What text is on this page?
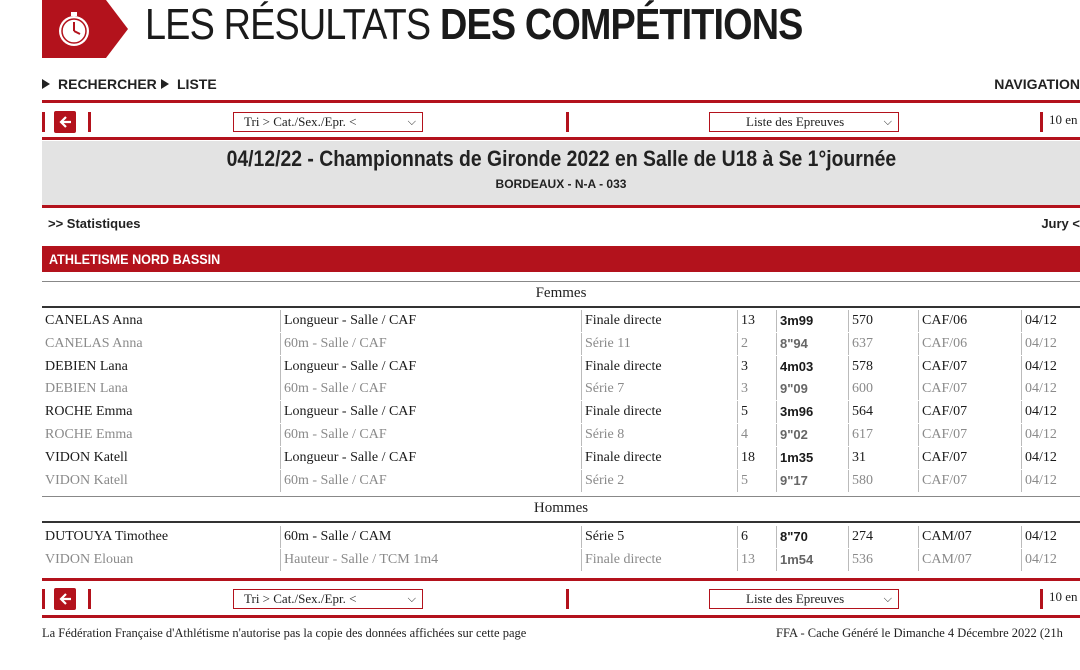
LES RÉSULTATS DES COMPÉTITIONS
RECHERCHER LISTE	NAVIGATION
Tri > Cat./Sex./Epr. <	⌵	Liste des Epreuves	⌵	10 en
04/12/22 - Championnats de Gironde 2022 en Salle de U18 à Se 1°journée
BORDEAUX - N-A - 033
>> Statistiques	Jury <
ATHLETISME NORD BASSIN
Femmes
CANELAS Anna	Longueur - Salle / CAF	Finale directe	13	3m99	570	CAF/06	04/12
CANELAS Anna	60m - Salle / CAF	Série 11	2	8"94	637	CAF/06	04/12
DEBIEN Lana	Longueur - Salle / CAF	Finale directe	3	4m03	578	CAF/07	04/12
DEBIEN Lana	60m - Salle / CAF	Série 7	3	9"09	600	CAF/07	04/12
ROCHE Emma	Longueur - Salle / CAF	Finale directe	5	3m96	564	CAF/07	04/12
ROCHE Emma	60m - Salle / CAF	Série 8	4	9"02	617	CAF/07	04/12
VIDON Katell	Longueur - Salle / CAF	Finale directe	18	1m35	31	CAF/07	04/12
VIDON Katell	60m - Salle / CAF	Série 2	5	9"17	580	CAF/07	04/12
Hommes
DUTOUYA Timothee	60m - Salle / CAM	Série 5	6	8"70	274	CAM/07	04/12
VIDON Elouan	Hauteur - Salle / TCM 1m4	Finale directe	13	1m54	536	CAM/07	04/12
Tri > Cat./Sex./Epr. <	⌵	Liste des Epreuves	⌵	10 en
La Fédération Française d'Athlétisme n'autorise pas la copie des données affichées sur cette page	FFA - Cache Généré le Dimanche 4 Décembre 2022 (21h
